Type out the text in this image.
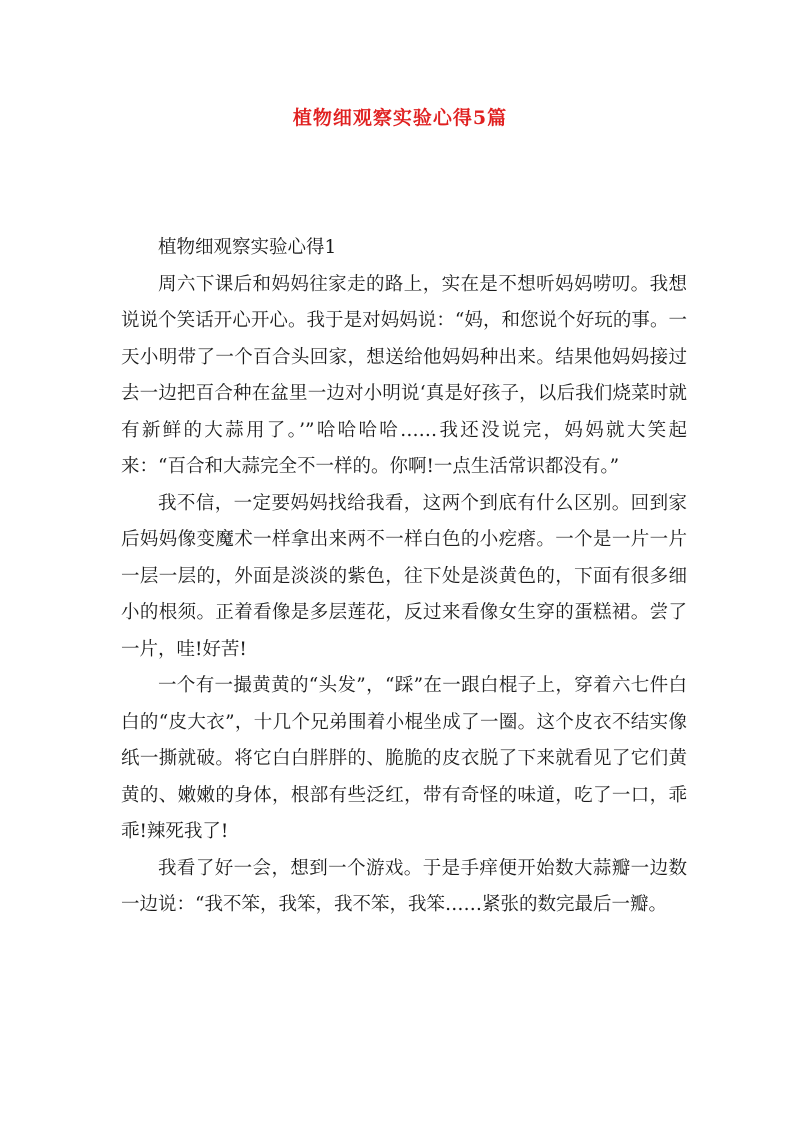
植物细观察实验心得5篇

植物细观察实验心得1

周六下课后和妈妈往家走的路上，实在是不想听妈妈唠叨。我想说说个笑话开心开心。我于是对妈妈说：“妈，和您说个好玩的事。一天小明带了一个百合头回家，想送给他妈妈种出来。结果他妈妈接过去一边把百合种在盆里一边对小明说‘真是好孩子，以后我们烧菜时就有新鲜的大蒜用了。’”哈哈哈哈……我还没说完，妈妈就大笑起来：“百合和大蒜完全不一样的。你啊!一点生活常识都没有。”

我不信，一定要妈妈找给我看，这两个到底有什么区别。回到家后妈妈像变魔术一样拿出来两不一样白色的小疙瘩。一个是一片一片一层一层的，外面是淡淡的紫色，往下处是淡黄色的，下面有很多细小的根须。正着看像是多层莲花，反过来看像女生穿的蛋糕裙。尝了一片，哇!好苦!

一个有一撮黄黄的“头发”，“踩”在一跟白棍子上，穿着六七件白白的“皮大衣”，十几个兄弟围着小棍坐成了一圈。这个皮衣不结实像纸一撕就破。将它白白胖胖的、脆脆的皮衣脱了下来就看见了它们黄黄的、嫩嫩的身体，根部有些泛红，带有奇怪的味道，吃了一口，乖乖!辣死我了!

我看了好一会，想到一个游戏。于是手痒便开始数大蒜瓣一边数一边说：“我不笨，我笨，我不笨，我笨……紧张的数完最后一瓣。
